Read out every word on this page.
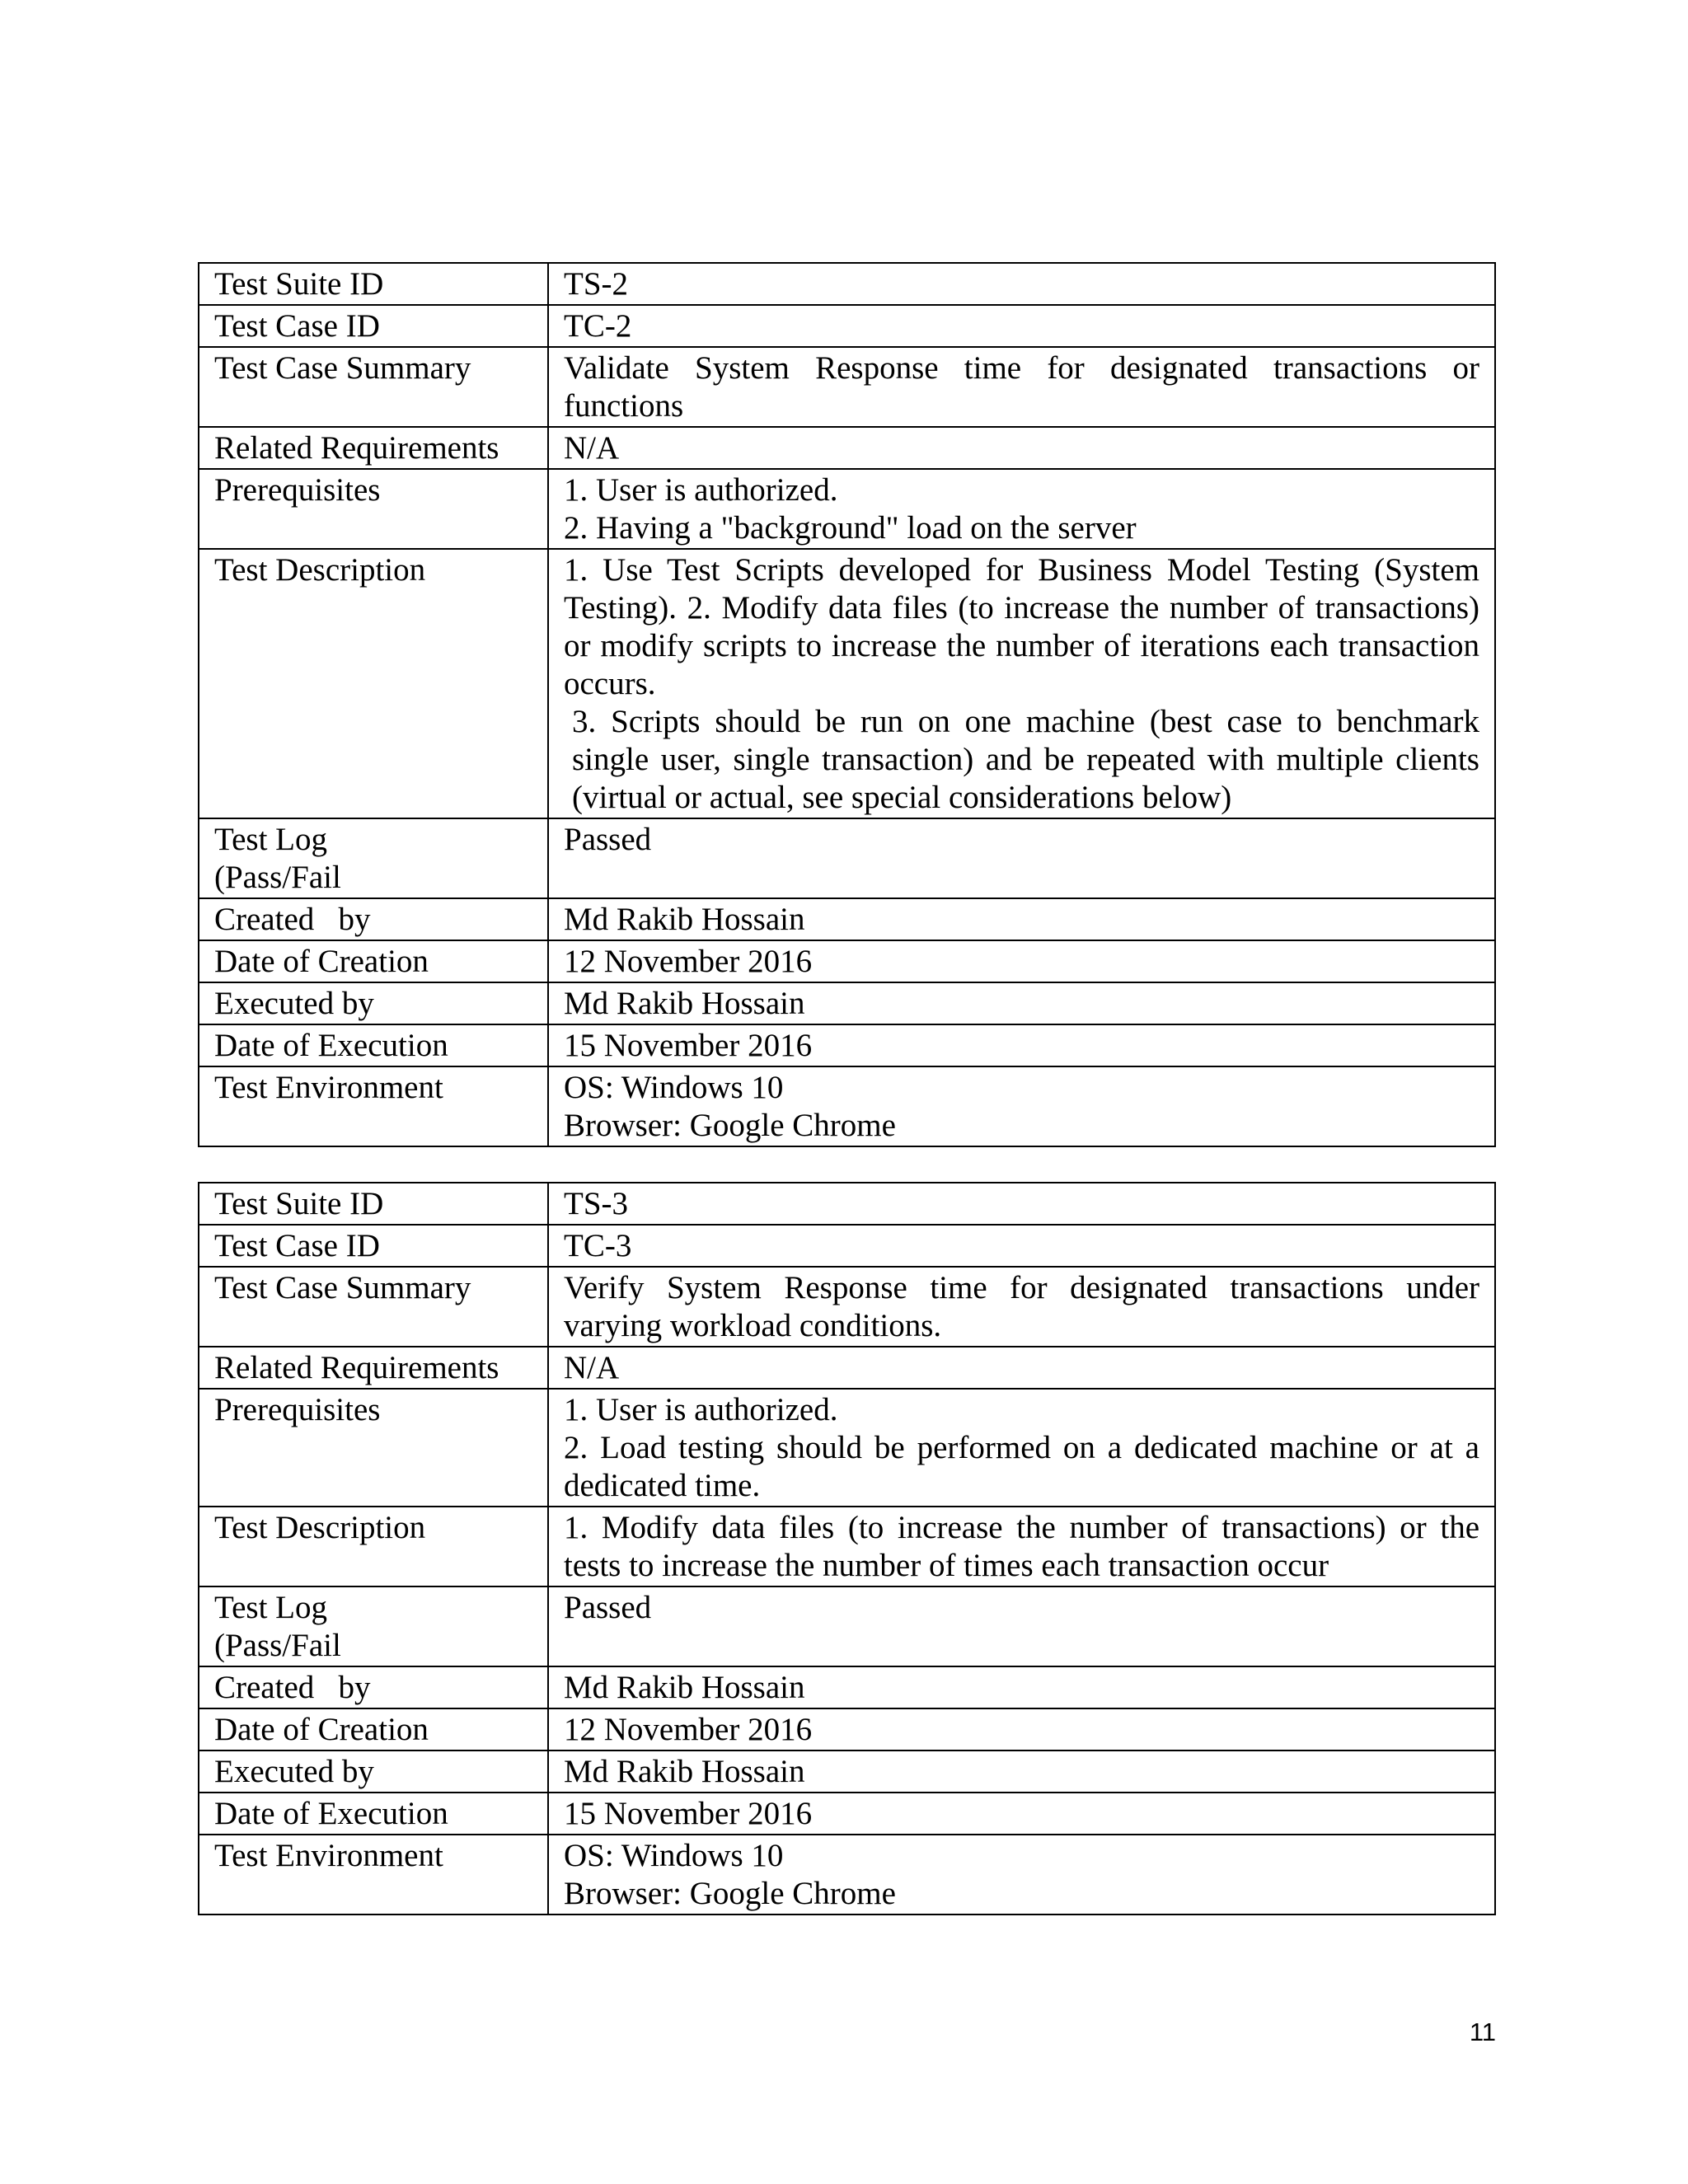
Test Suite ID	TS-2
Test Case ID	TC-2
Test Case Summary	Validate System Response time for designated transactions or functions
Related Requirements	N/A
Prerequisites	1. User is authorized.
2. Having a "background" load on the server

Test Description	1. Use Test Scripts developed for Business Model Testing (System Testing). 2. Modify data files (to increase the number of transactions) or modify scripts to increase the number of iterations each transaction occurs.
3. Scripts should be run on one machine (best case to benchmark single user, single transaction) and be repeated with multiple clients (virtual or actual, see special considerations below)

Test Log
(Pass/Fail	Passed
Created   by	Md Rakib Hossain
Date of Creation	12 November 2016
Executed by	Md Rakib Hossain
Date of Execution	15 November 2016
Test Environment	OS: Windows 10
Browser: Google Chrome
Test Suite ID	TS-3
Test Case ID	TC-3
Test Case Summary	Verify System Response time for designated transactions under varying workload conditions.
Related Requirements	N/A
Prerequisites	1. User is authorized.
2. Load testing should be performed on a dedicated machine or at a dedicated time.

Test Description	1. Modify data files (to increase the number of transactions) or the tests to increase the number of times each transaction occur

Test Log
(Pass/Fail	Passed
Created   by	Md Rakib Hossain
Date of Creation	12 November 2016
Executed by	Md Rakib Hossain
Date of Execution	15 November 2016
Test Environment	OS: Windows 10
Browser: Google Chrome
11
